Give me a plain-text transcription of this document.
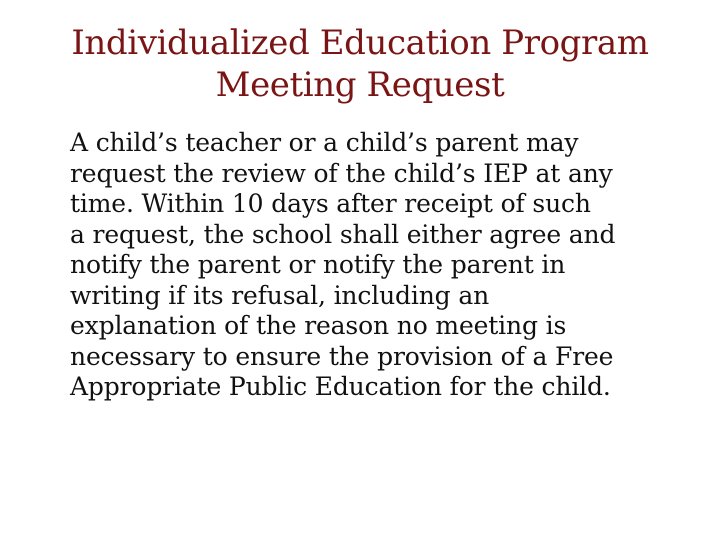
Individualized Education Program
Meeting Request
A child’s teacher or a child’s parent may
request the review of the child’s IEP at any
time. Within 10 days after receipt of such
a request, the school shall either agree and
notify the parent or notify the parent in
writing if its refusal, including an
explanation of the reason no meeting is
necessary to ensure the provision of a Free
Appropriate Public Education for the child.
